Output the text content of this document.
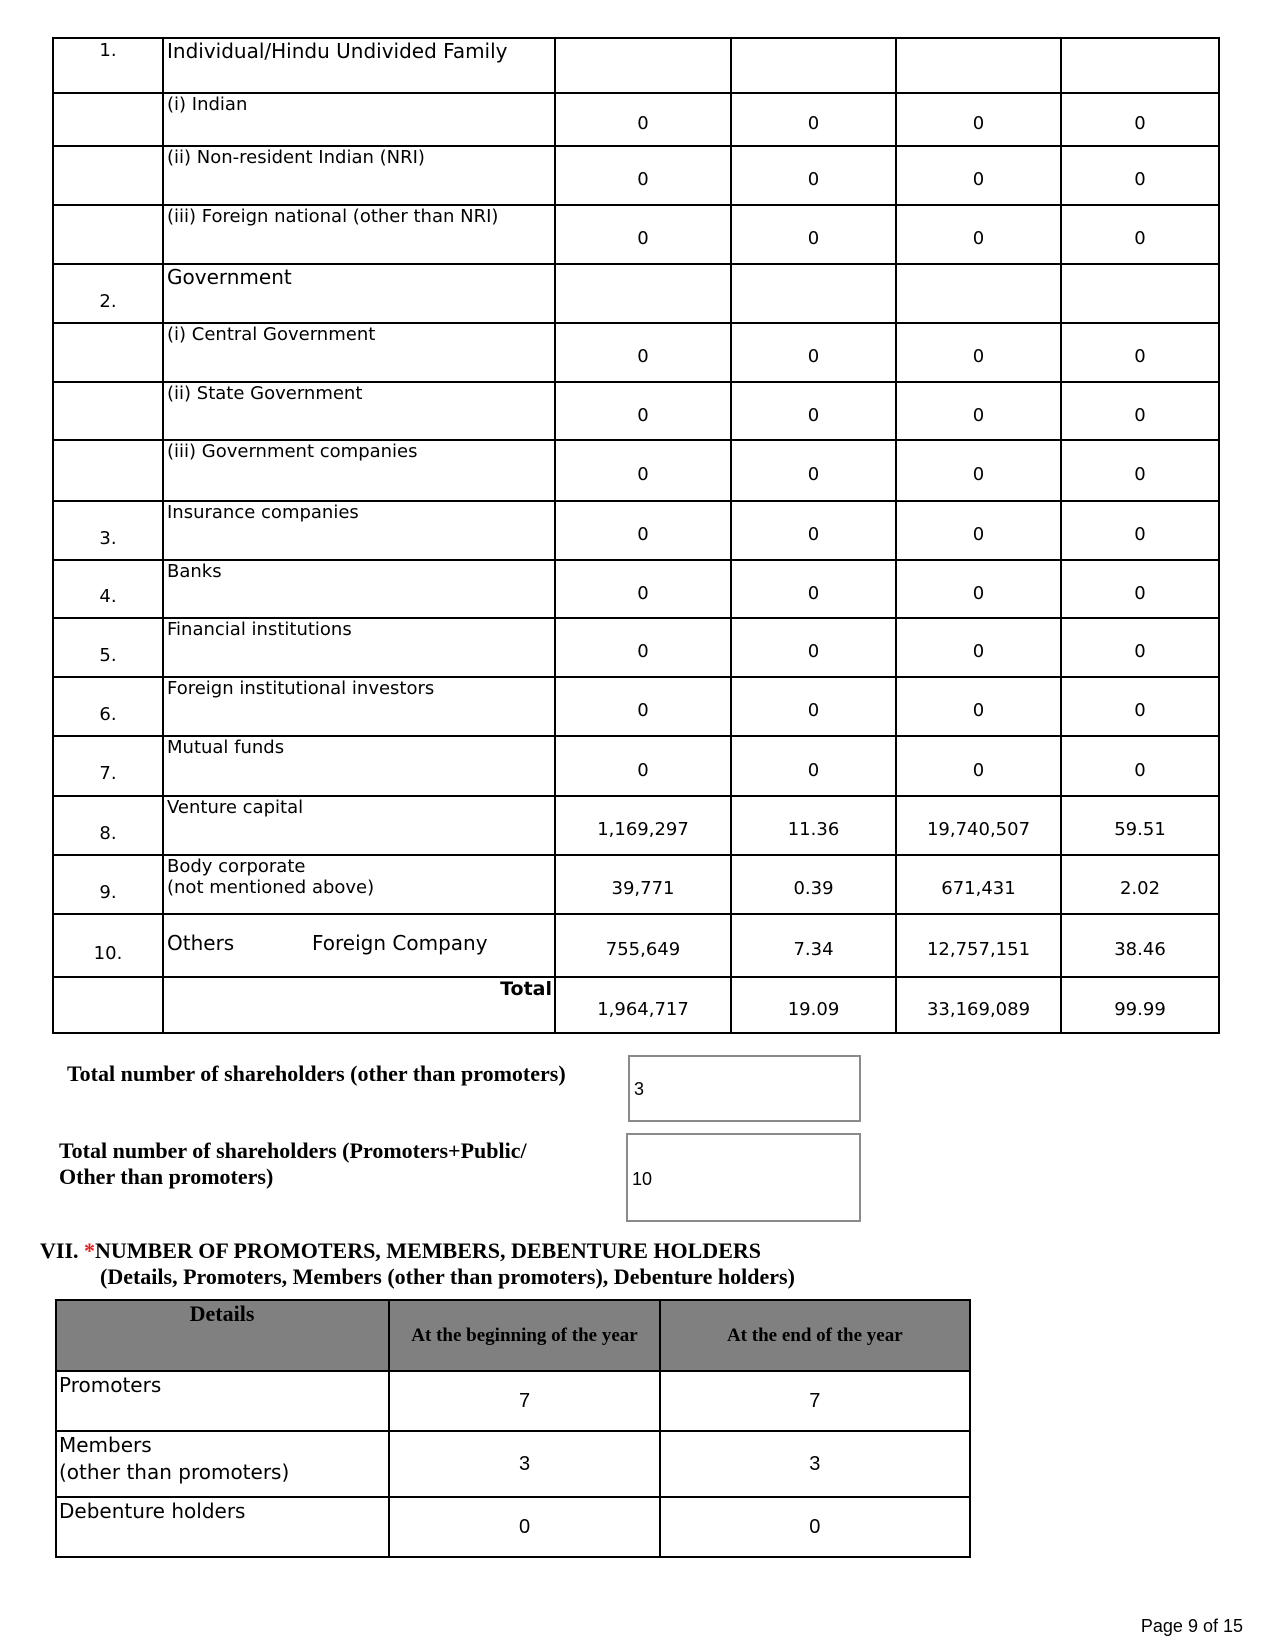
1.	Individual/Hindu Undivided Family				

	(i) Indian	0	0	0	0

	(ii) Non-resident Indian (NRI)	0	0	0	0

	(iii) Foreign national (other than NRI)	0	0	0	0

2.	Government				

	(i) Central Government	0	0	0	0

	(ii) State Government	0	0	0	0

	(iii) Government companies	0	0	0	0

3.	Insurance companies	0	0	0	0

4.	Banks	0	0	0	0

5.	Financial institutions	0	0	0	0

6.	Foreign institutional investors	0	0	0	0

7.	Mutual funds	0	0	0	0

8.	Venture capital	1,169,297	11.36	19,740,507	59.51

9.	Body corporate
(not mentioned above)	39,771	0.39	671,431	2.02

10.	Others Foreign Company	755,649	7.34	12,757,151	38.46

	Total	1,964,717	19.09	33,169,089	99.99
Total number of shareholders (other than promoters)
3
Total number of shareholders (Promoters+Public/
Other than promoters)	10
VII. *NUMBER OF PROMOTERS, MEMBERS, DEBENTURE HOLDERS
(Details, Promoters, Members (other than promoters), Debenture holders)
Details	At the beginning of the year	At the end of the year

Promoters	7	7

Members
(other than promoters)	3	3

Debenture holders	0	0
Page 9 of 15
